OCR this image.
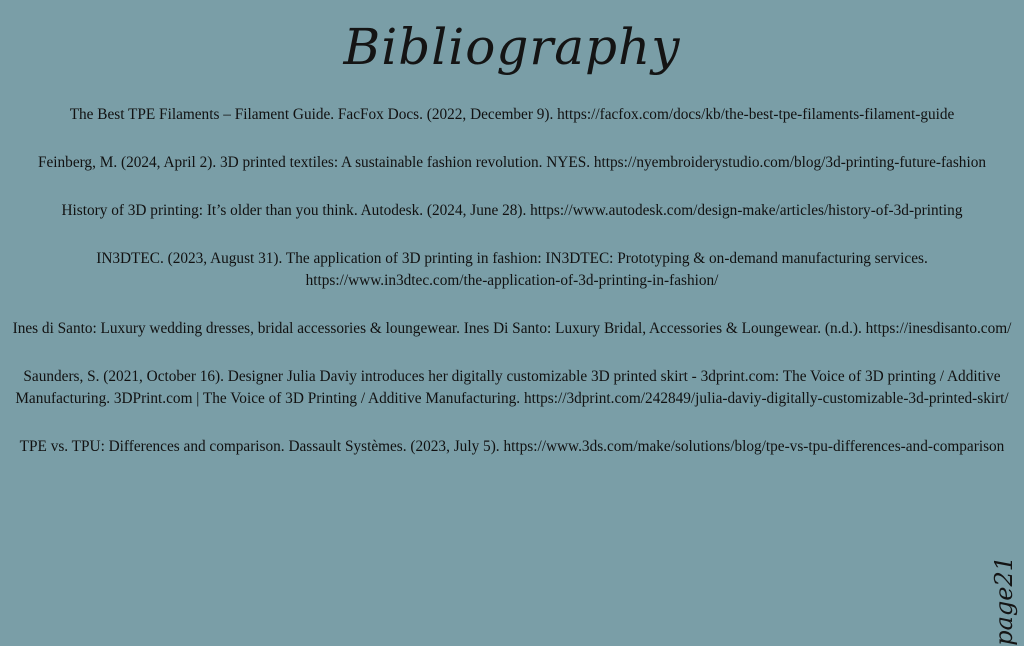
Bibliography
The Best TPE Filaments – Filament Guide. FacFox Docs. (2022, December 9). https://facfox.com/docs/kb/the-best-tpe-filaments-filament-guide
Feinberg, M. (2024, April 2). 3D printed textiles: A sustainable fashion revolution. NYES. https://nyembroiderystudio.com/blog/3d-printing-future-fashion
History of 3D printing: It’s older than you think. Autodesk. (2024, June 28). https://www.autodesk.com/design-make/articles/history-of-3d-printing
IN3DTEC. (2023, August 31). The application of 3D printing in fashion: IN3DTEC: Prototyping & on-demand manufacturing services. https://www.in3dtec.com/the-application-of-3d-printing-in-fashion/
Ines di Santo: Luxury wedding dresses, bridal accessories & loungewear. Ines Di Santo: Luxury Bridal, Accessories & Loungewear. (n.d.). https://inesdisanto.com/
Saunders, S. (2021, October 16). Designer Julia Daviy introduces her digitally customizable 3D printed skirt - 3dprint.com: The Voice of 3D printing / Additive Manufacturing. 3DPrint.com | The Voice of 3D Printing / Additive Manufacturing. https://3dprint.com/242849/julia-daviy-digitally-customizable-3d-printed-skirt/
TPE vs. TPU: Differences and comparison. Dassault Systèmes. (2023, July 5). https://www.3ds.com/make/solutions/blog/tpe-vs-tpu-differences-and-comparison
page21
